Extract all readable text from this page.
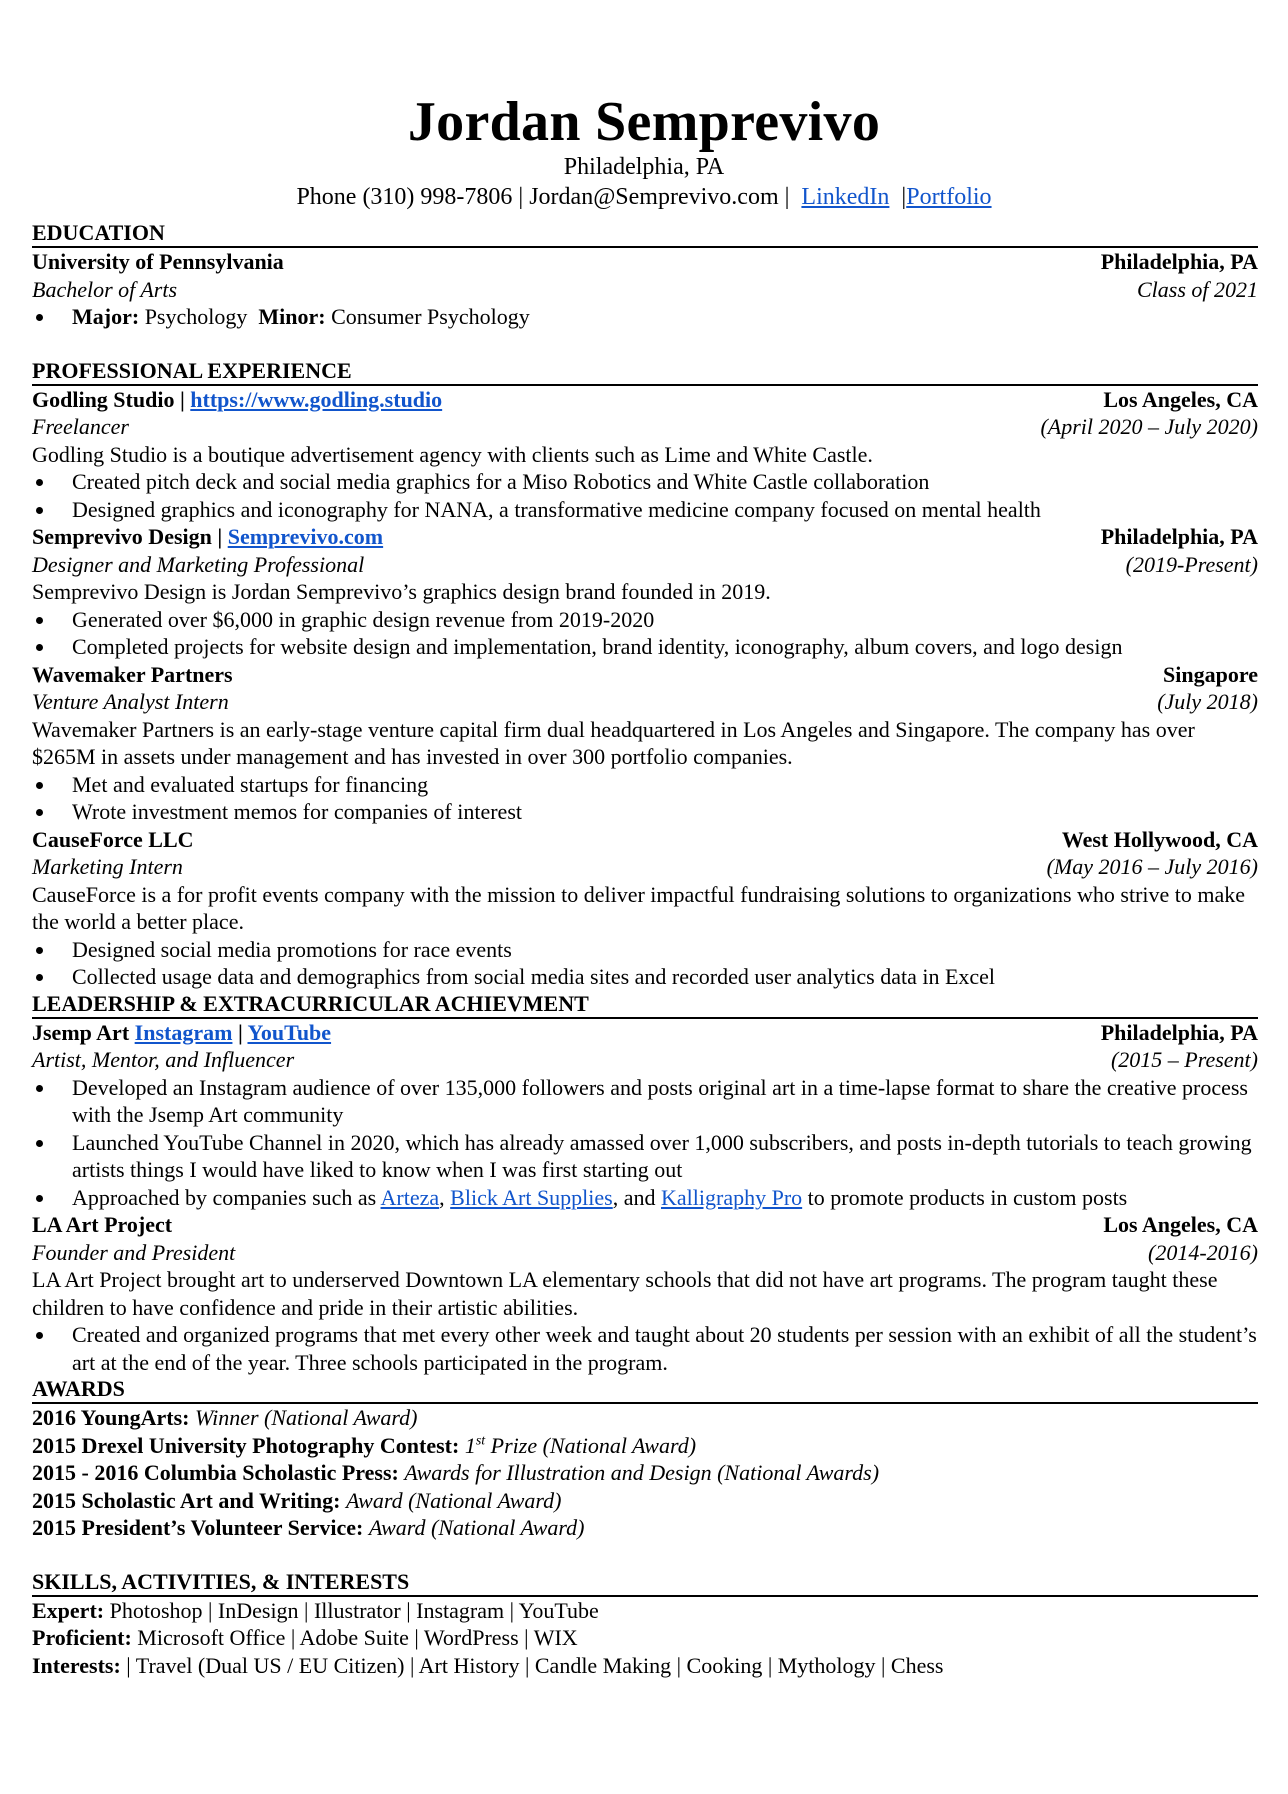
Jordan Semprevivo
Philadelphia, PA
Phone (310) 998-7806 | Jordan@Semprevivo.com | LinkedIn |Portfolio
EDUCATION
University of Pennsylvania	Philadelphia, PA
Bachelor of Arts	Class of 2021
Major: Psychology Minor: Consumer Psychology
PROFESSIONAL EXPERIENCE
Godling Studio | https://www.godling.studio	Los Angeles, CA
Freelancer	(April 2020 – July 2020)
Godling Studio is a boutique advertisement agency with clients such as Lime and White Castle.
Created pitch deck and social media graphics for a Miso Robotics and White Castle collaboration
Designed graphics and iconography for NANA, a transformative medicine company focused on mental health
Semprevivo Design | Semprevivo.com	Philadelphia, PA
Designer and Marketing Professional	(2019-Present)
Semprevivo Design is Jordan Semprevivo’s graphics design brand founded in 2019.
Generated over $6,000 in graphic design revenue from 2019-2020
Completed projects for website design and implementation, brand identity, iconography, album covers, and logo design
Wavemaker Partners	Singapore
Venture Analyst Intern	(July 2018)
Wavemaker Partners is an early-stage venture capital firm dual headquartered in Los Angeles and Singapore. The company has over $265M in assets under management and has invested in over 300 portfolio companies.
Met and evaluated startups for financing
Wrote investment memos for companies of interest
CauseForce LLC	West Hollywood, CA
Marketing Intern	(May 2016 – July 2016)
CauseForce is a for profit events company with the mission to deliver impactful fundraising solutions to organizations who strive to make the world a better place.
Designed social media promotions for race events
Collected usage data and demographics from social media sites and recorded user analytics data in Excel
LEADERSHIP & EXTRACURRICULAR ACHIEVMENT
Jsemp Art Instagram | YouTube	Philadelphia, PA
Artist, Mentor, and Influencer	(2015 – Present)
Developed an Instagram audience of over 135,000 followers and posts original art in a time-lapse format to share the creative process with the Jsemp Art community
Launched YouTube Channel in 2020, which has already amassed over 1,000 subscribers, and posts in-depth tutorials to teach growing artists things I would have liked to know when I was first starting out
Approached by companies such as Arteza, Blick Art Supplies, and Kalligraphy Pro to promote products in custom posts
LA Art Project	Los Angeles, CA
Founder and President	(2014-2016)
LA Art Project brought art to underserved Downtown LA elementary schools that did not have art programs. The program taught these children to have confidence and pride in their artistic abilities.
Created and organized programs that met every other week and taught about 20 students per session with an exhibit of all the student’s art at the end of the year. Three schools participated in the program.
AWARDS
2016 YoungArts: Winner (National Award)
2015 Drexel University Photography Contest: 1st Prize (National Award)
2015 - 2016 Columbia Scholastic Press: Awards for Illustration and Design (National Awards)
2015 Scholastic Art and Writing: Award (National Award)
2015 President’s Volunteer Service: Award (National Award)
SKILLS, ACTIVITIES, & INTERESTS
Expert: Photoshop | InDesign | Illustrator | Instagram | YouTube
Proficient: Microsoft Office | Adobe Suite | WordPress | WIX
Interests: | Travel (Dual US / EU Citizen) | Art History | Candle Making | Cooking | Mythology | Chess
